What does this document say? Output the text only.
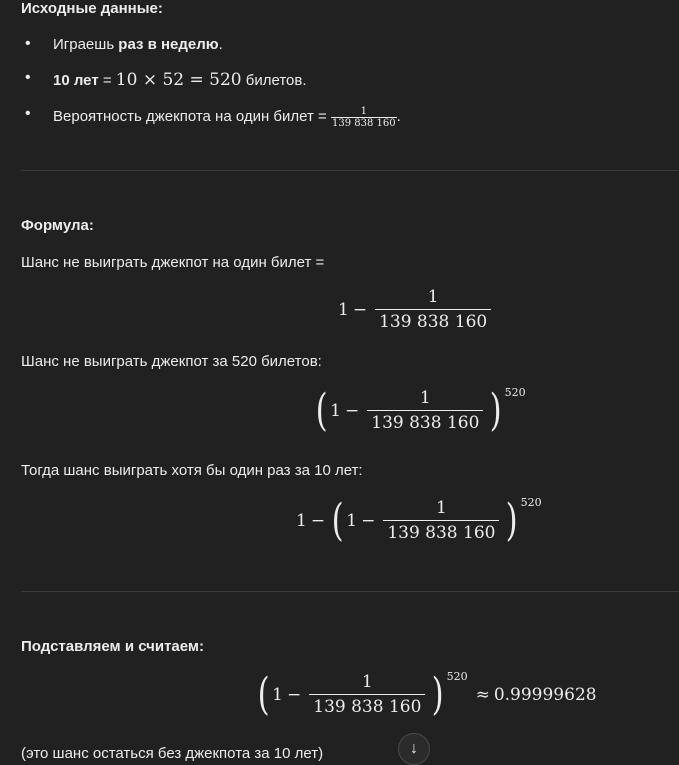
Исходные данные:
• Играешь раз в неделю.
• 10 лет = 10 × 52 = 520 билетов.
• Вероятность джекпота на один билет = $\frac{1}{139 838 160}$ .
Формула:
Шанс не выиграть джекпот на один билет =
$1 - \frac{1}{139 838 160}$
Шанс не выиграть джекпот за 520 билетов:
( $1 - \frac{1}{139 838 160}$ ) 520
Тогда шанс выиграть хотя бы один раз за 10 лет:
1 − ( $1 - \frac{1}{139 838 160}$ ) 520
Подставляем и считаем:
( $1 - \frac{1}{139 838 160}$ ) 520
≈ 0.99999628
(это шанс остаться без джекпота за 10 лет)	↓
